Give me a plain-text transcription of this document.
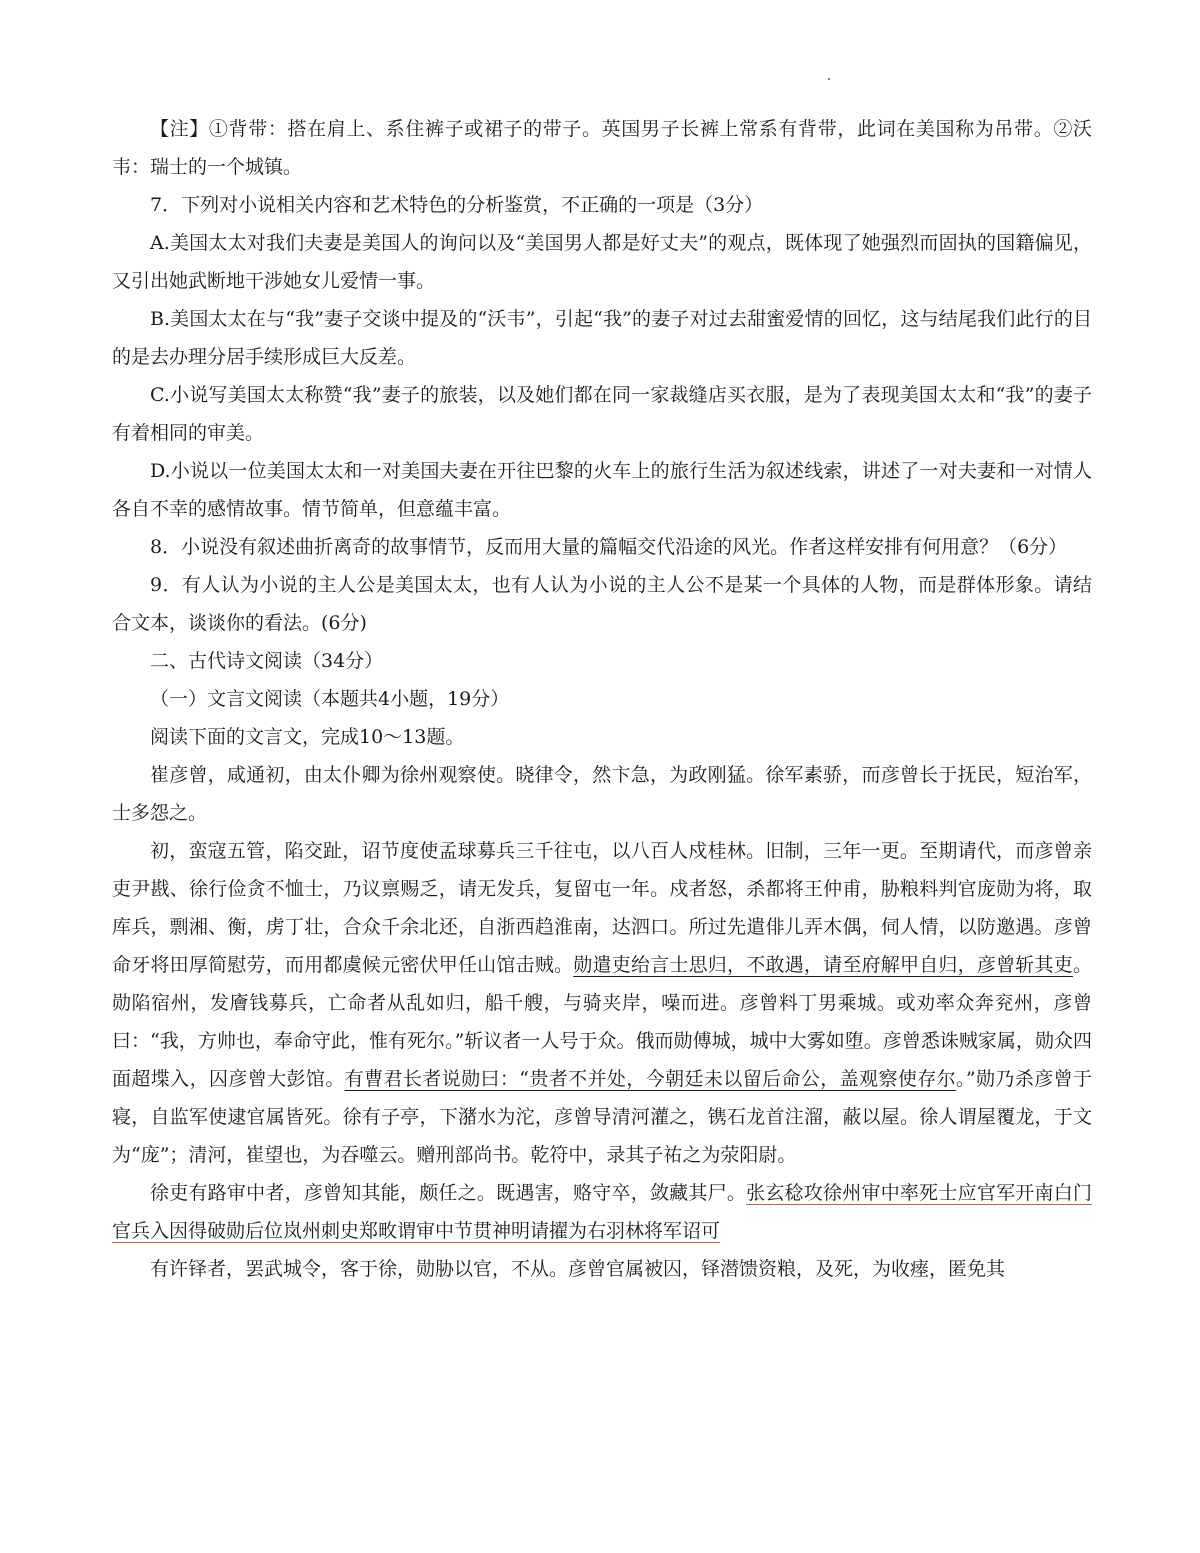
【注】①背带：搭在肩上、系住裤子或裙子的带子。英国男子长裤上常系有背带，此词在美国称为吊带。②沃韦：瑞士的一个城镇。

7．下列对小说相关内容和艺术特色的分析鉴赏，不正确的一项是（3分）

A.美国太太对我们夫妻是美国人的询问以及“美国男人都是好丈夫”的观点，既体现了她强烈而固执的国籍偏见，又引出她武断地干涉她女儿爱情一事。

B.美国太太在与“我”妻子交谈中提及的“沃韦”，引起“我”的妻子对过去甜蜜爱情的回忆，这与结尾我们此行的目的是去办理分居手续形成巨大反差。

C.小说写美国太太称赞“我”妻子的旅装，以及她们都在同一家裁缝店买衣服，是为了表现美国太太和“我”的妻子有着相同的审美。

D.小说以一位美国太太和一对美国夫妻在开往巴黎的火车上的旅行生活为叙述线索，讲述了一对夫妻和一对情人各自不幸的感情故事。情节简单，但意蕴丰富。

8．小说没有叙述曲折离奇的故事情节，反而用大量的篇幅交代沿途的风光。作者这样安排有何用意？（6分）

9．有人认为小说的主人公是美国太太，也有人认为小说的主人公不是某一个具体的人物，而是群体形象。请结合文本，谈谈你的看法。(6分)

二、古代诗文阅读（34分）

（一）文言文阅读（本题共4小题，19分）

阅读下面的文言文，完成10～13题。

崔彦曾，咸通初，由太仆卿为徐州观察使。晓律令，然卞急，为政刚猛。徐军素骄，而彦曾长于抚民，短治军，士多怨之。

初，蛮寇五管，陷交趾，诏节度使孟球募兵三千往屯，以八百人戍桂林。旧制，三年一更。至期请代，而彦曾亲吏尹戡、徐行俭贪不恤士，乃议禀赐乏，请无发兵，复留屯一年。戍者怒，杀都将王仲甫，胁粮料判官庞勋为将，取库兵，剽湘、衡，虏丁壮，合众千余北还，自浙西趋淮南，达泗口。所过先遣俳儿弄木偶，伺人情，以防邀遇。彦曾命牙将田厚简慰劳，而用都虞候元密伏甲任山馆击贼。勋遣吏绐言士思归，不敢遇，请至府解甲自归，彦曾斩其吏。勋陷宿州，发廥钱募兵，亡命者从乱如归，船千艘，与骑夹岸，噪而进。彦曾料丁男乘城。或劝率众奔兖州，彦曾曰：“我，方帅也，奉命守此，惟有死尔。”斩议者一人号于众。俄而勋傅城，城中大雾如堕。彦曾悉诛贼家属，勋众四面超堞入，囚彦曾大彭馆。有曹君长者说勋曰：“贵者不并处，今朝廷未以留后命公，盖观察使存尔。”勋乃杀彦曾于寝，自监军使逮官属皆死。徐有子亭，下潴水为沱，彦曾导清河灌之，镌石龙首注溜，蔽以屋。徐人谓屋覆龙，于文为“庞”；清河，崔望也，为吞噬云。赠刑部尚书。乾符中，录其子祐之为荥阳尉。

徐吏有路审中者，彦曾知其能，颇任之。既遇害，赂守卒，敛藏其尸。张玄稔攻徐州审中率死士应官军开南白门官兵入因得破勋后位岚州刺史郑畋谓审中节贯神明请擢为右羽林将军诏可

有许铎者，罢武城令，客于徐，勋胁以官，不从。彦曾官属被囚，铎潜馈资粮，及死，为收瘗，匿免其
